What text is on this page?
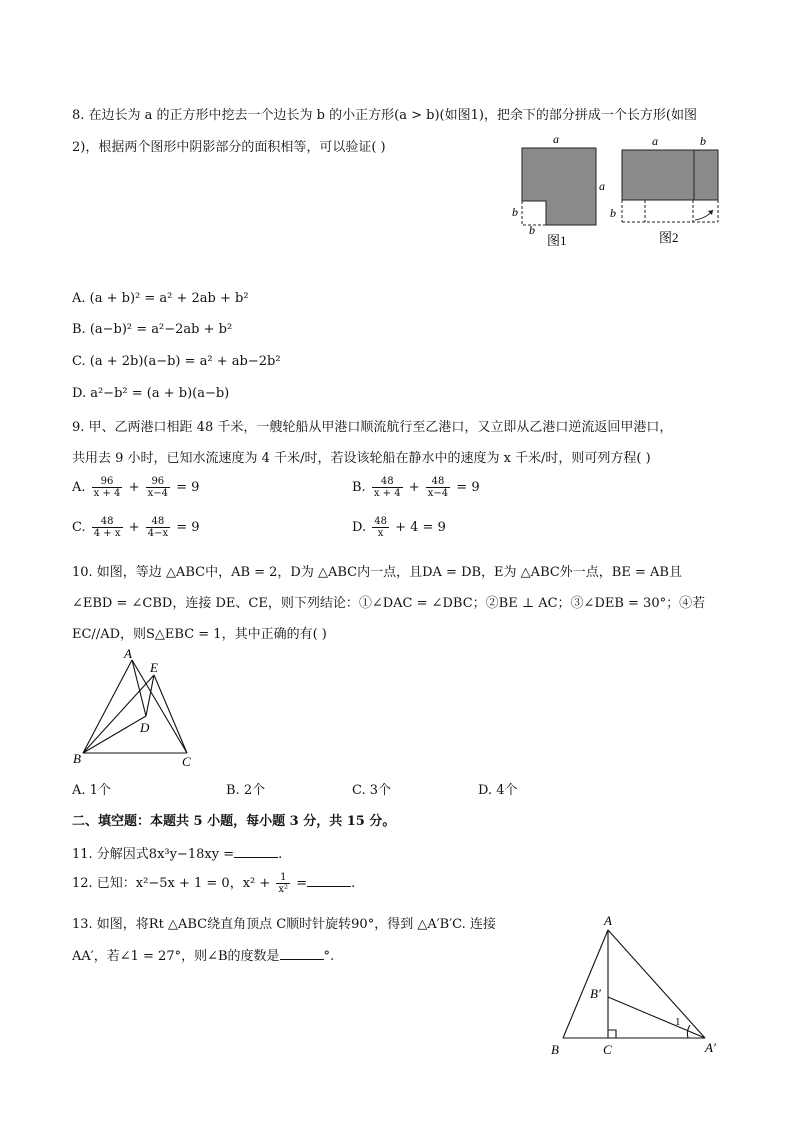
8. 在边长为 a 的正方形中挖去一个边长为 b 的小正方形(a > b)(如图1)，把余下的部分拼成一个长方形(如图
2)，根据两个图形中阴影部分的面积相等，可以验证( )
a
a
b
b
图1
a	b
b
图2
A. (a + b)² = a² + 2ab + b²
B. (a−b)² = a²−2ab + b²
C. (a + 2b)(a−b) = a² + ab−2b²
D. a²−b² = (a + b)(a−b)
9. 甲、乙两港口相距 48 千米，一艘轮船从甲港口顺流航行至乙港口，又立即从乙港口逆流返回甲港口，
共用去 9 小时，已知水流速度为 4 千米/时，若设该轮船在静水中的速度为 x 千米/时，则可列方程( )
A. $\frac{96}{x + 4} + \frac{96}{x-4} = 9$	B. $\frac{48}{x + 4} + \frac{48}{x-4} = 9$
C. $\frac{48}{4 + x} + \frac{48}{4-x} = 9$	D. $\frac{48}{x} + 4 = 9$
10. 如图，等边 △ABC中，AB = 2，D为 △ABC内一点，且DA = DB，E为 △ABC外一点，BE = AB且
∠EBD = ∠CBD，连接 DE、CE，则下列结论：①∠DAC = ∠DBC；②BE ⊥ AC；③∠DEB = 30°；④若
EC//AD，则S△EBC = 1，其中正确的有( )
A
E
D
B	C
A. 1个	B. 2个	C. 3个	D. 4个
二、填空题：本题共 5 小题，每小题 3 分，共 15 分。
11. 分解因式8x³y−18xy =	.
12. 已知：x²−5x + 1 = 0，$x^2 + \frac{1}{\text{x²}}$ =	.
13. 如图，将Rt △ABC绕直角顶点 C顺时针旋转90°，得到 △A′B′C. 连接
AA′，若∠1 = 27°，则∠B的度数是	°.
A
B′
1
B	C	A′
